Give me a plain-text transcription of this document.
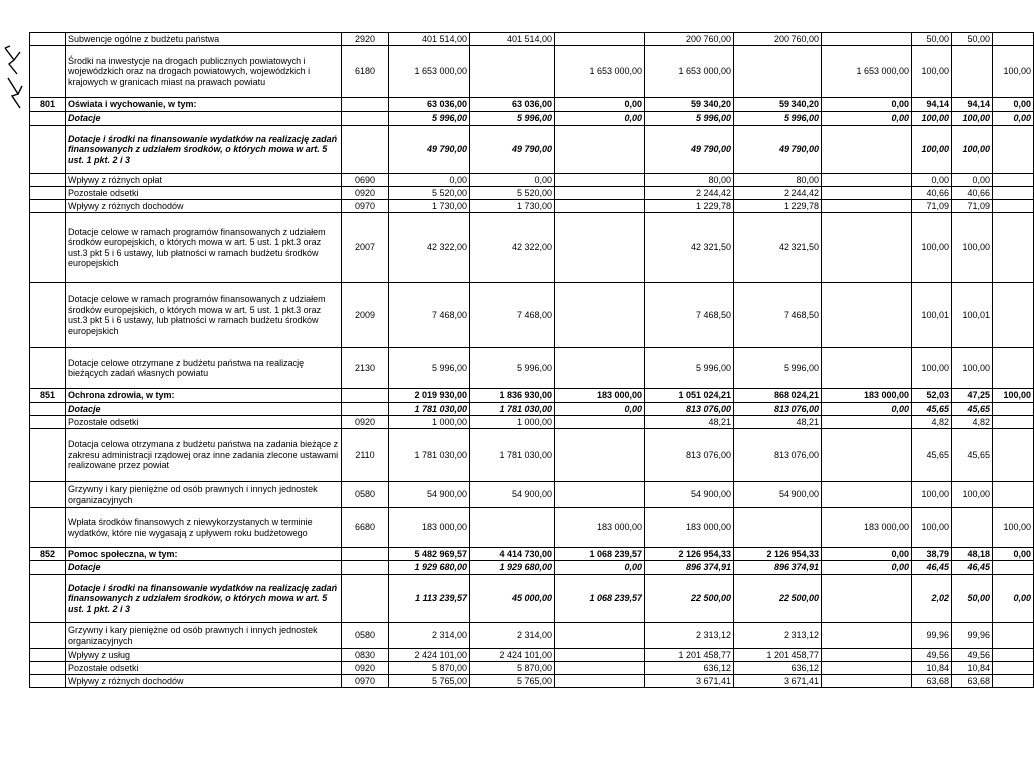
	Subwencje ogólne z budżetu państwa	2920	401 514,00	401 514,00		200 760,00	200 760,00		50,00	50,00	
	Środki na inwestycje na drogach publicznych powiatowych i wojewódzkich oraz na drogach powiatowych, wojewódzkich i krajowych w granicach miast na prawach powiatu	6180	1 653 000,00		1 653 000,00	1 653 000,00		1 653 000,00	100,00		100,00
801	Oświata i wychowanie, w tym:		63 036,00	63 036,00	0,00	59 340,20	59 340,20	0,00	94,14	94,14	0,00
	Dotacje		5 996,00	5 996,00	0,00	5 996,00	5 996,00	0,00	100,00	100,00	0,00
	Dotacje i środki na finansowanie wydatków na realizację zadań finansowanych z udziałem środków, o których mowa w art. 5 ust. 1 pkt. 2 i 3		49 790,00	49 790,00		49 790,00	49 790,00		100,00	100,00	
	Wpływy z różnych opłat	0690	0,00	0,00		80,00	80,00		0,00	0,00	
	Pozostałe odsetki	0920	5 520,00	5 520,00		2 244,42	2 244,42		40,66	40,66	
	Wpływy z różnych dochodów	0970	1 730,00	1 730,00		1 229,78	1 229,78		71,09	71,09	
	Dotacje celowe w ramach programów finansowanych z udziałem środków europejskich, o których mowa w art. 5 ust. 1 pkt.3 oraz ust.3 pkt 5 i 6 ustawy, lub płatności w ramach budżetu środków europejskich	2007	42 322,00	42 322,00		42 321,50	42 321,50		100,00	100,00	
	Dotacje celowe w ramach programów finansowanych z udziałem środków europejskich, o których mowa w art. 5 ust. 1 pkt.3 oraz ust.3 pkt 5 i 6 ustawy, lub płatności w ramach budżetu środków europejskich	2009	7 468,00	7 468,00		7 468,50	7 468,50		100,01	100,01	
	Dotacje celowe otrzymane z budżetu państwa na realizację bieżących zadań własnych powiatu	2130	5 996,00	5 996,00		5 996,00	5 996,00		100,00	100,00	
851	Ochrona zdrowia, w tym:		2 019 930,00	1 836 930,00	183 000,00	1 051 024,21	868 024,21	183 000,00	52,03	47,25	100,00
	Dotacje		1 781 030,00	1 781 030,00	0,00	813 076,00	813 076,00	0,00	45,65	45,65	
	Pozostałe odsetki	0920	1 000,00	1 000,00		48,21	48,21		4,82	4,82	
	Dotacja celowa otrzymana z budżetu państwa na zadania bieżące z zakresu administracji rządowej oraz inne zadania zlecone ustawami realizowane przez powiat	2110	1 781 030,00	1 781 030,00		813 076,00	813 076,00		45,65	45,65	
	Grzywny i kary pieniężne od osób prawnych i innych jednostek organizacyjnych	0580	54 900,00	54 900,00		54 900,00	54 900,00		100,00	100,00	
	Wpłata środków finansowych z niewykorzystanych w terminie wydatków, które nie wygasają z upływem roku budżetowego	6680	183 000,00		183 000,00	183 000,00		183 000,00	100,00		100,00
852	Pomoc społeczna, w tym:		5 482 969,57	4 414 730,00	1 068 239,57	2 126 954,33	2 126 954,33	0,00	38,79	48,18	0,00
	Dotacje		1 929 680,00	1 929 680,00	0,00	896 374,91	896 374,91	0,00	46,45	46,45	
	Dotacje i środki na finansowanie wydatków na realizację zadań finansowanych z udziałem środków, o których mowa w art. 5 ust. 1 pkt. 2 i 3		1 113 239,57	45 000,00	1 068 239,57	22 500,00	22 500,00		2,02	50,00	0,00
	Grzywny i kary pieniężne od osób prawnych i innych jednostek organizacyjnych	0580	2 314,00	2 314,00		2 313,12	2 313,12		99,96	99,96	
	Wpływy z usług	0830	2 424 101,00	2 424 101,00		1 201 458,77	1 201 458,77		49,56	49,56	
	Pozostałe odsetki	0920	5 870,00	5 870,00		636,12	636,12		10,84	10,84	
	Wpływy z różnych dochodów	0970	5 765,00	5 765,00		3 671,41	3 671,41		63,68	63,68	
